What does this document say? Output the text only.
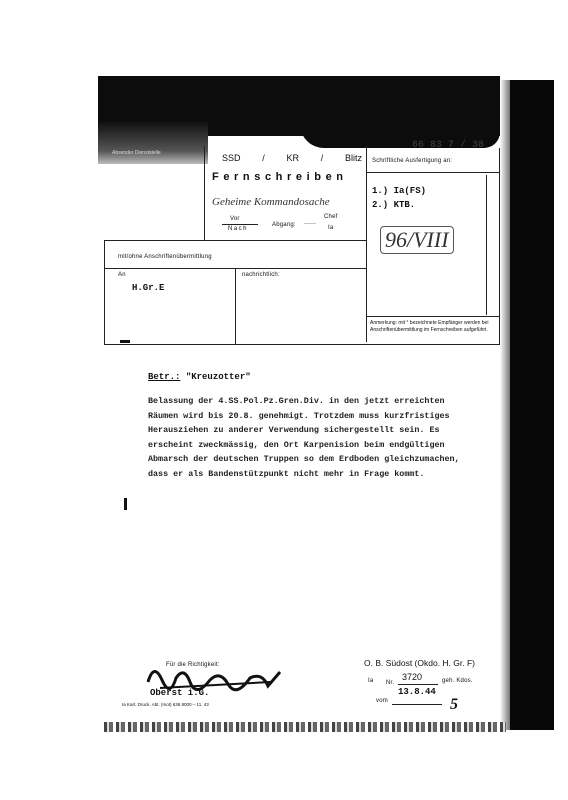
Absender Dienststelle
66 83 7 / 38
SSD / KR / Blitz
Fernschreiben
Geheime Kommandosache
Vor
Nach
Abgang: ——
Chef
Ia
Schriftliche Ausfertigung an:
1.) Ia(FS)
2.) KTB.
96/VIII
Anmerkung: mit ° bezeichnete Empfänger werden bei Anschriftenübermittlung im Fernschreiben aufgeführt.
mit/ohne Anschriftenübermittlung
An
H.Gr.E
nachrichtlich:
Betr.: "Kreuzotter"
Belassung der 4.SS.Pol.Pz.Gren.Div. in den jetzt erreichten
Räumen wird bis 20.8. genehmigt. Trotzdem muss kurzfristiges
Herausziehen zu anderer Verwendung sichergestellt sein. Es
erscheint zweckmässig, den Ort Karpenision beim endgültigen
Abmarsch der deutschen Truppen so dem Erdboden gleichzumachen,
dass er als Bandenstützpunkt nicht mehr in Frage kommt.
Für die Richtigkeit:
Oberst i.G.
Ia Kart. Druck. Abt. (mot) 636 8000 – 11. 43
O. B. Südost (Okdo. H. Gr. F)
Ia Nr.
3720	geh. Kdos.
13.8.44
vom	5
